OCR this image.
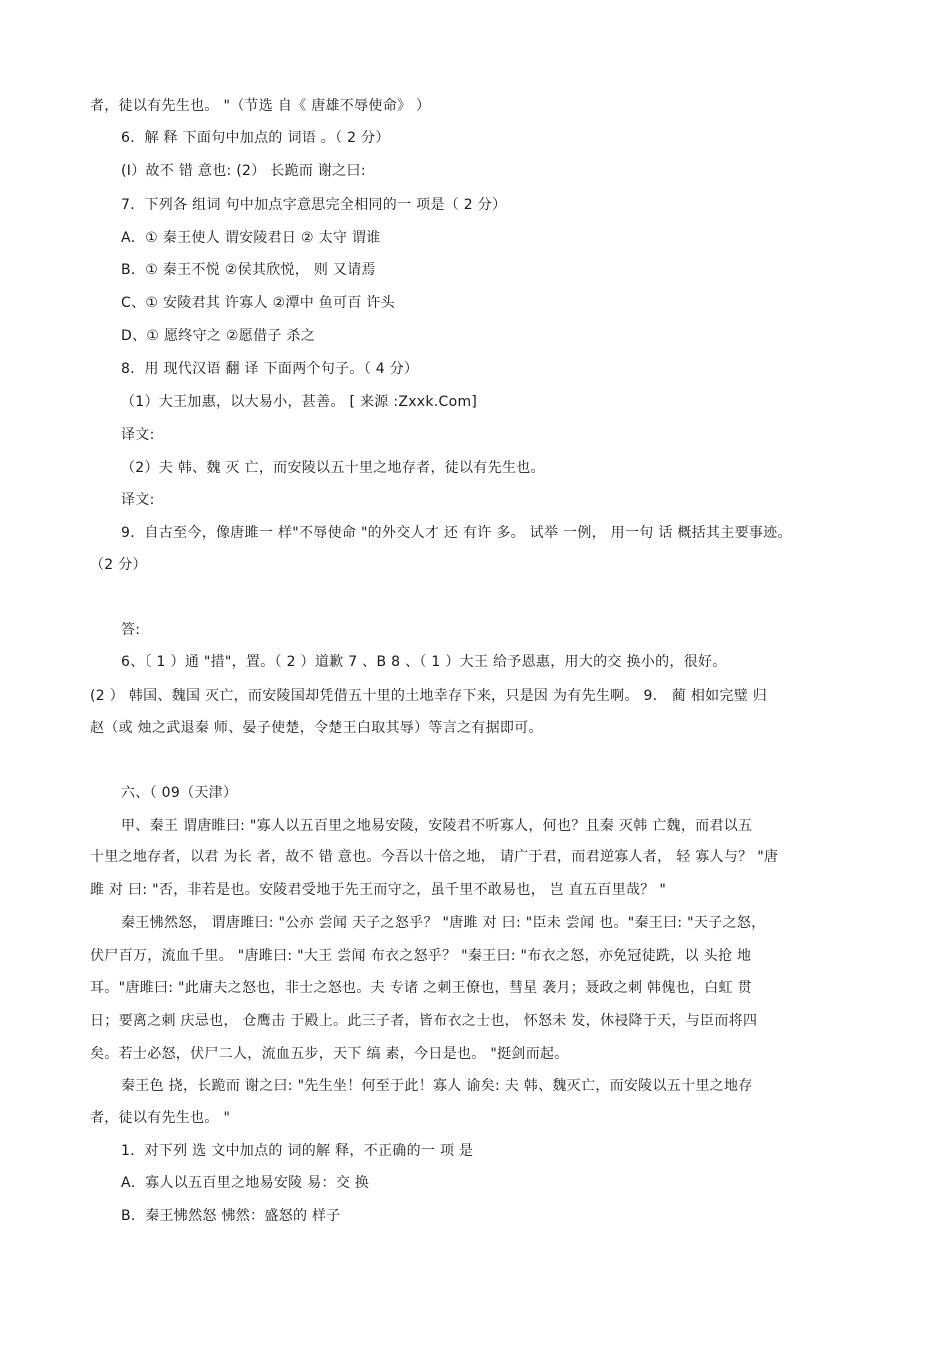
者，徒以有先生也。 "（节选 自《 唐雄不辱使命》 ）
6．解 释 下面句中加点的 词语 。（ 2 分）
(I）故不 错 意也: (2） 长跪而 谢之曰:
7．下列各 组词 句中加点字意思完全相同的一 项是（ 2 分）
A．① 秦王使人 谓安陵君日 ② 太守 谓谁
B．① 秦王不悦 ②侯其欣悦， 则 又请焉
C、① 安陵君其 许寡人 ②潭中 鱼可百 许头
D、① 愿终守之 ②愿借子 杀之
8．用 现代汉语 翻 译 下面两个句子。（ 4 分）
（1）大王加惠，以大易小，甚善。 [ 来源 :Zxxk.Com]
译文:
（2）夫 韩、魏 灭 亡，而安陵以五十里之地存者，徒以有先生也。
译文:
9．自古至今，像唐雎一 样"不辱使命 "的外交人才 还 有许 多。 试举 一例， 用一句 话 概括其主要事迹。
（2 分）
答:
6、〔 1 ）通 "措"，置。（ 2 ）道歉 7 、B 8 、（ 1 ）大王 给予恩惠，用大的交 换小的，很好。
(2 ） 韩国、魏国 灭亡，而安陵国却凭借五十里的土地幸存下来，只是因 为有先生啊。 9． 蔺 相如完璧 归
赵（或 烛之武退秦 师、晏子使楚，令楚王白取其辱）等言之有据即可。
六、（ 09（天津）
甲、秦王 谓唐睢曰: "寡人以五百里之地易安陵，安陵君不听寡人，何也？且秦 灭韩 亡魏，而君以五
十里之地存者，以君 为长 者，故不 错 意也。今吾以十倍之地， 请广于君，而君逆寡人者， 轻 寡人与？ "唐
雎 对 曰: "否，非若是也。安陵君受地于先王而守之，虽千里不敢易也， 岂 直五百里哉？ "
秦王怫然怒， 谓唐雎曰: "公亦 尝闻 天子之怒乎？ "唐雎 对 曰: "臣未 尝闻 也。"秦王曰: "天子之怒，
伏尸百万，流血千里。 "唐雎曰: "大王 尝闻 布衣之怒乎？ "秦王曰: "布衣之怒，亦免冠徒跣，以 头抢 地
耳。"唐雎曰: "此庸夫之怒也，非士之怒也。夫 专诸 之刺王僚也，彗星 袭月；聂政之刺 韩傀也，白虹 贯
日；要离之刺 庆忌也， 仓鹰击 于殿上。此三子者，皆布衣之士也， 怀怒未 发，休祲降于天，与臣而将四
矣。若士必怒，伏尸二人，流血五步，天下 缟 素，今日是也。 "挺剑而起。
秦王色 挠，长跪而 谢之曰: "先生坐！何至于此！寡人 谕矣: 夫 韩、魏灭亡，而安陵以五十里之地存
者，徒以有先生也。 "
1．对下列 选 文中加点的 词的解 释，不正确的一 项 是
A．寡人以五百里之地易安陵 易：交 换
B．秦王怫然怒 怫然：盛怒的 样子
